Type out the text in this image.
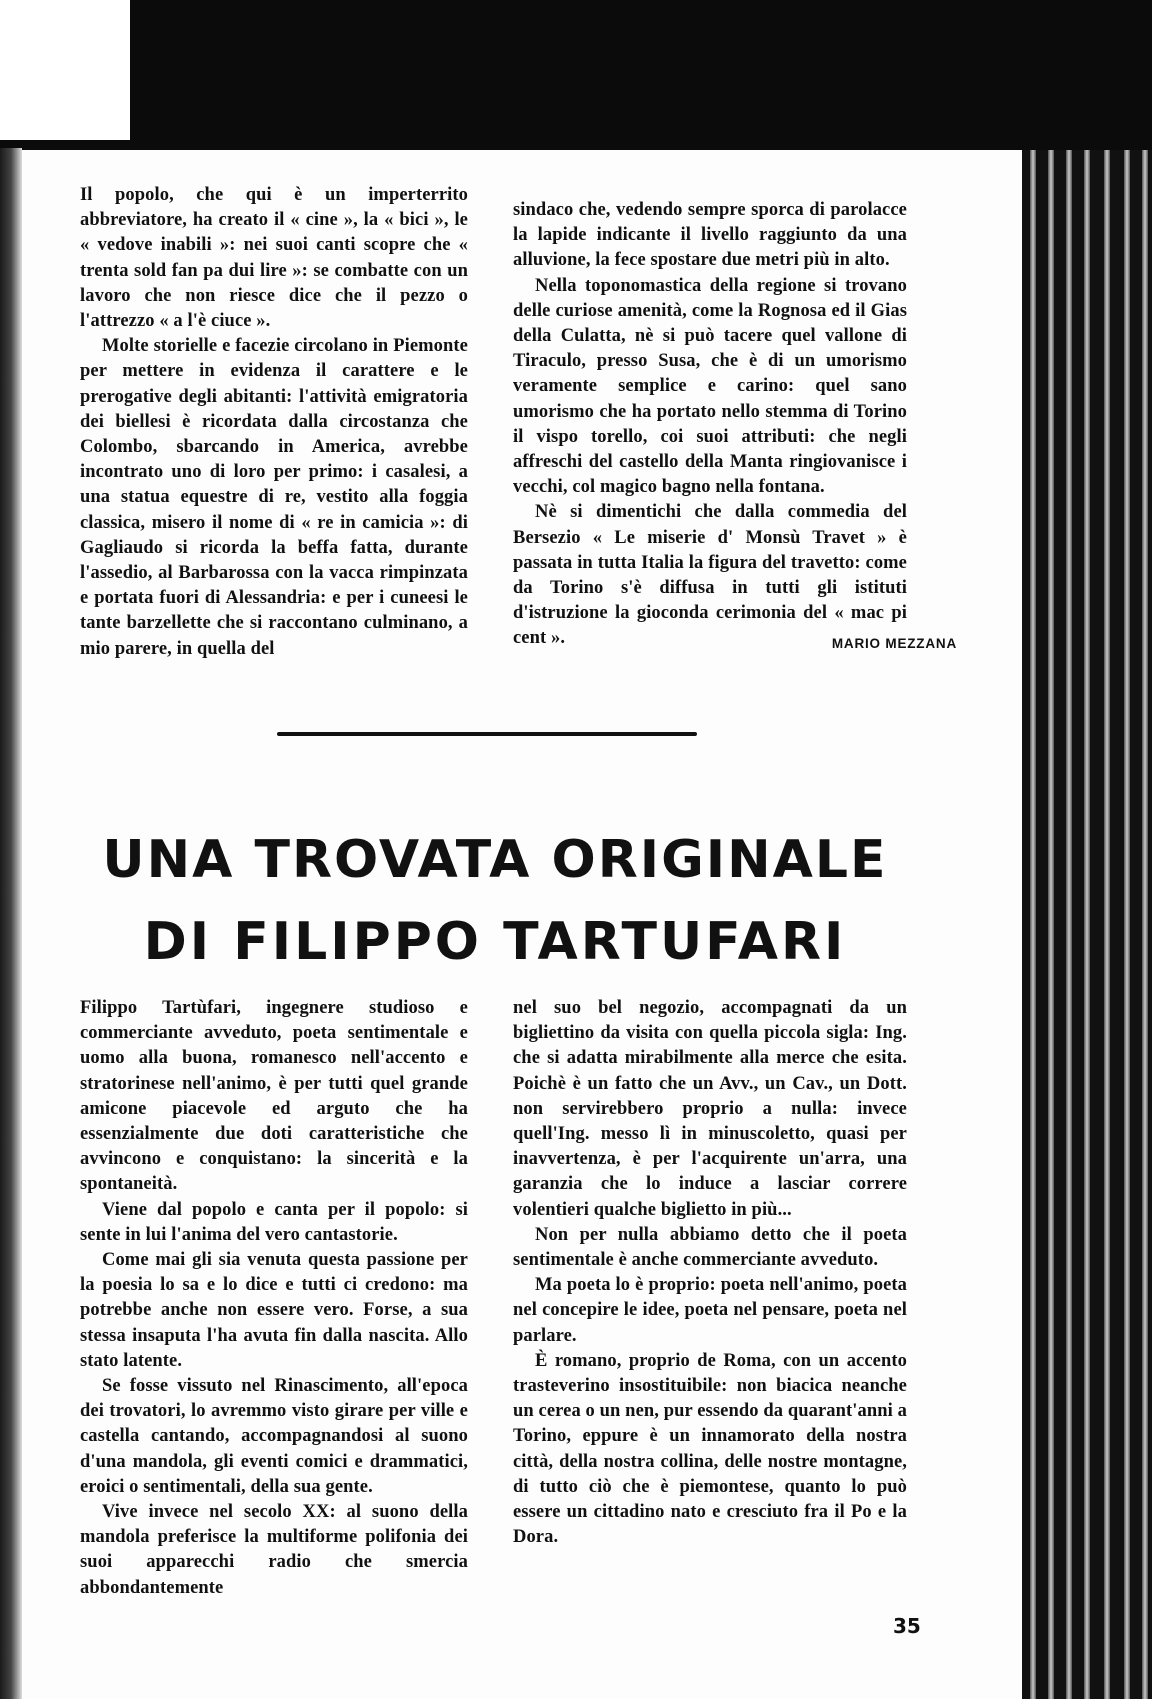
Il popolo, che qui è un imperterrito abbreviatore, ha creato il « cine », la « bici », le « vedove inabili »: nei suoi canti scopre che « trenta sold fan pa dui lire »: se combatte con un lavoro che non riesce dice che il pezzo o l'attrezzo « a l'è ciuce ».

Molte storielle e facezie circolano in Piemonte per mettere in evidenza il carattere e le prerogative degli abitanti: l'attività emigratoria dei biellesi è ricordata dalla circostanza che Colombo, sbarcando in America, avrebbe incontrato uno di loro per primo: i casalesi, a una statua equestre di re, vestito alla foggia classica, misero il nome di « re in camicia »: di Gagliaudo si ricorda la beffa fatta, durante l'assedio, al Barbarossa con la vacca rimpinzata e portata fuori di Alessandria: e per i cuneesi le tante barzellette che si raccontano culminano, a mio parere, in quella del

sindaco che, vedendo sempre sporca di parolacce la lapide indicante il livello raggiunto da una alluvione, la fece spostare due metri più in alto.

Nella toponomastica della regione si trovano delle curiose amenità, come la Rognosa ed il Gias della Culatta, nè si può tacere quel vallone di Tiraculo, presso Susa, che è di un umorismo veramente semplice e carino: quel sano umorismo che ha portato nello stemma di Torino il vispo torello, coi suoi attributi: che negli affreschi del castello della Manta ringiovanisce i vecchi, col magico bagno nella fontana.

Nè si dimentichi che dalla commedia del Bersezio « Le miserie d' Monsù Travet » è passata in tutta Italia la figura del travetto: come da Torino s'è diffusa in tutti gli istituti d'istruzione la gioconda cerimonia del « mac pi cent ».	MARIO MEZZANA
UNA TROVATA ORIGINALE
DI FILIPPO TARTUFARI

Filippo Tartùfari, ingegnere studioso e commerciante avveduto, poeta sentimentale e uomo alla buona, romanesco nell'accento e stratorinese nell'animo, è per tutti quel grande amicone piacevole ed arguto che ha essenzialmente due doti caratteristiche che avvincono e conquistano: la sincerità e la spontaneità.

Viene dal popolo e canta per il popolo: si sente in lui l'anima del vero cantastorie.

Come mai gli sia venuta questa passione per la poesia lo sa e lo dice e tutti ci credono: ma potrebbe anche non essere vero. Forse, a sua stessa insaputa l'ha avuta fin dalla nascita. Allo stato latente.

Se fosse vissuto nel Rinascimento, all'epoca dei trovatori, lo avremmo visto girare per ville e castella cantando, accompagnandosi al suono d'una mandola, gli eventi comici e drammatici, eroici o sentimentali, della sua gente.

Vive invece nel secolo XX: al suono della mandola preferisce la multiforme polifonia dei suoi apparecchi radio che smercia abbondantemente

nel suo bel negozio, accompagnati da un bigliettino da visita con quella piccola sigla: Ing. che si adatta mirabilmente alla merce che esita. Poichè è un fatto che un Avv., un Cav., un Dott. non servirebbero proprio a nulla: invece quell'Ing. messo lì in minuscoletto, quasi per inavvertenza, è per l'acquirente un'arra, una garanzia che lo induce a lasciar correre volentieri qualche biglietto in più...

Non per nulla abbiamo detto che il poeta sentimentale è anche commerciante avveduto.

Ma poeta lo è proprio: poeta nell'animo, poeta nel concepire le idee, poeta nel pensare, poeta nel parlare.

È romano, proprio de Roma, con un accento trasteverino insostituibile: non biacica neanche un cerea o un nen, pur essendo da quarant'anni a Torino, eppure è un innamorato della nostra città, della nostra collina, delle nostre montagne, di tutto ciò che è piemontese, quanto lo può essere un cittadino nato e cresciuto fra il Po e la Dora.

35
